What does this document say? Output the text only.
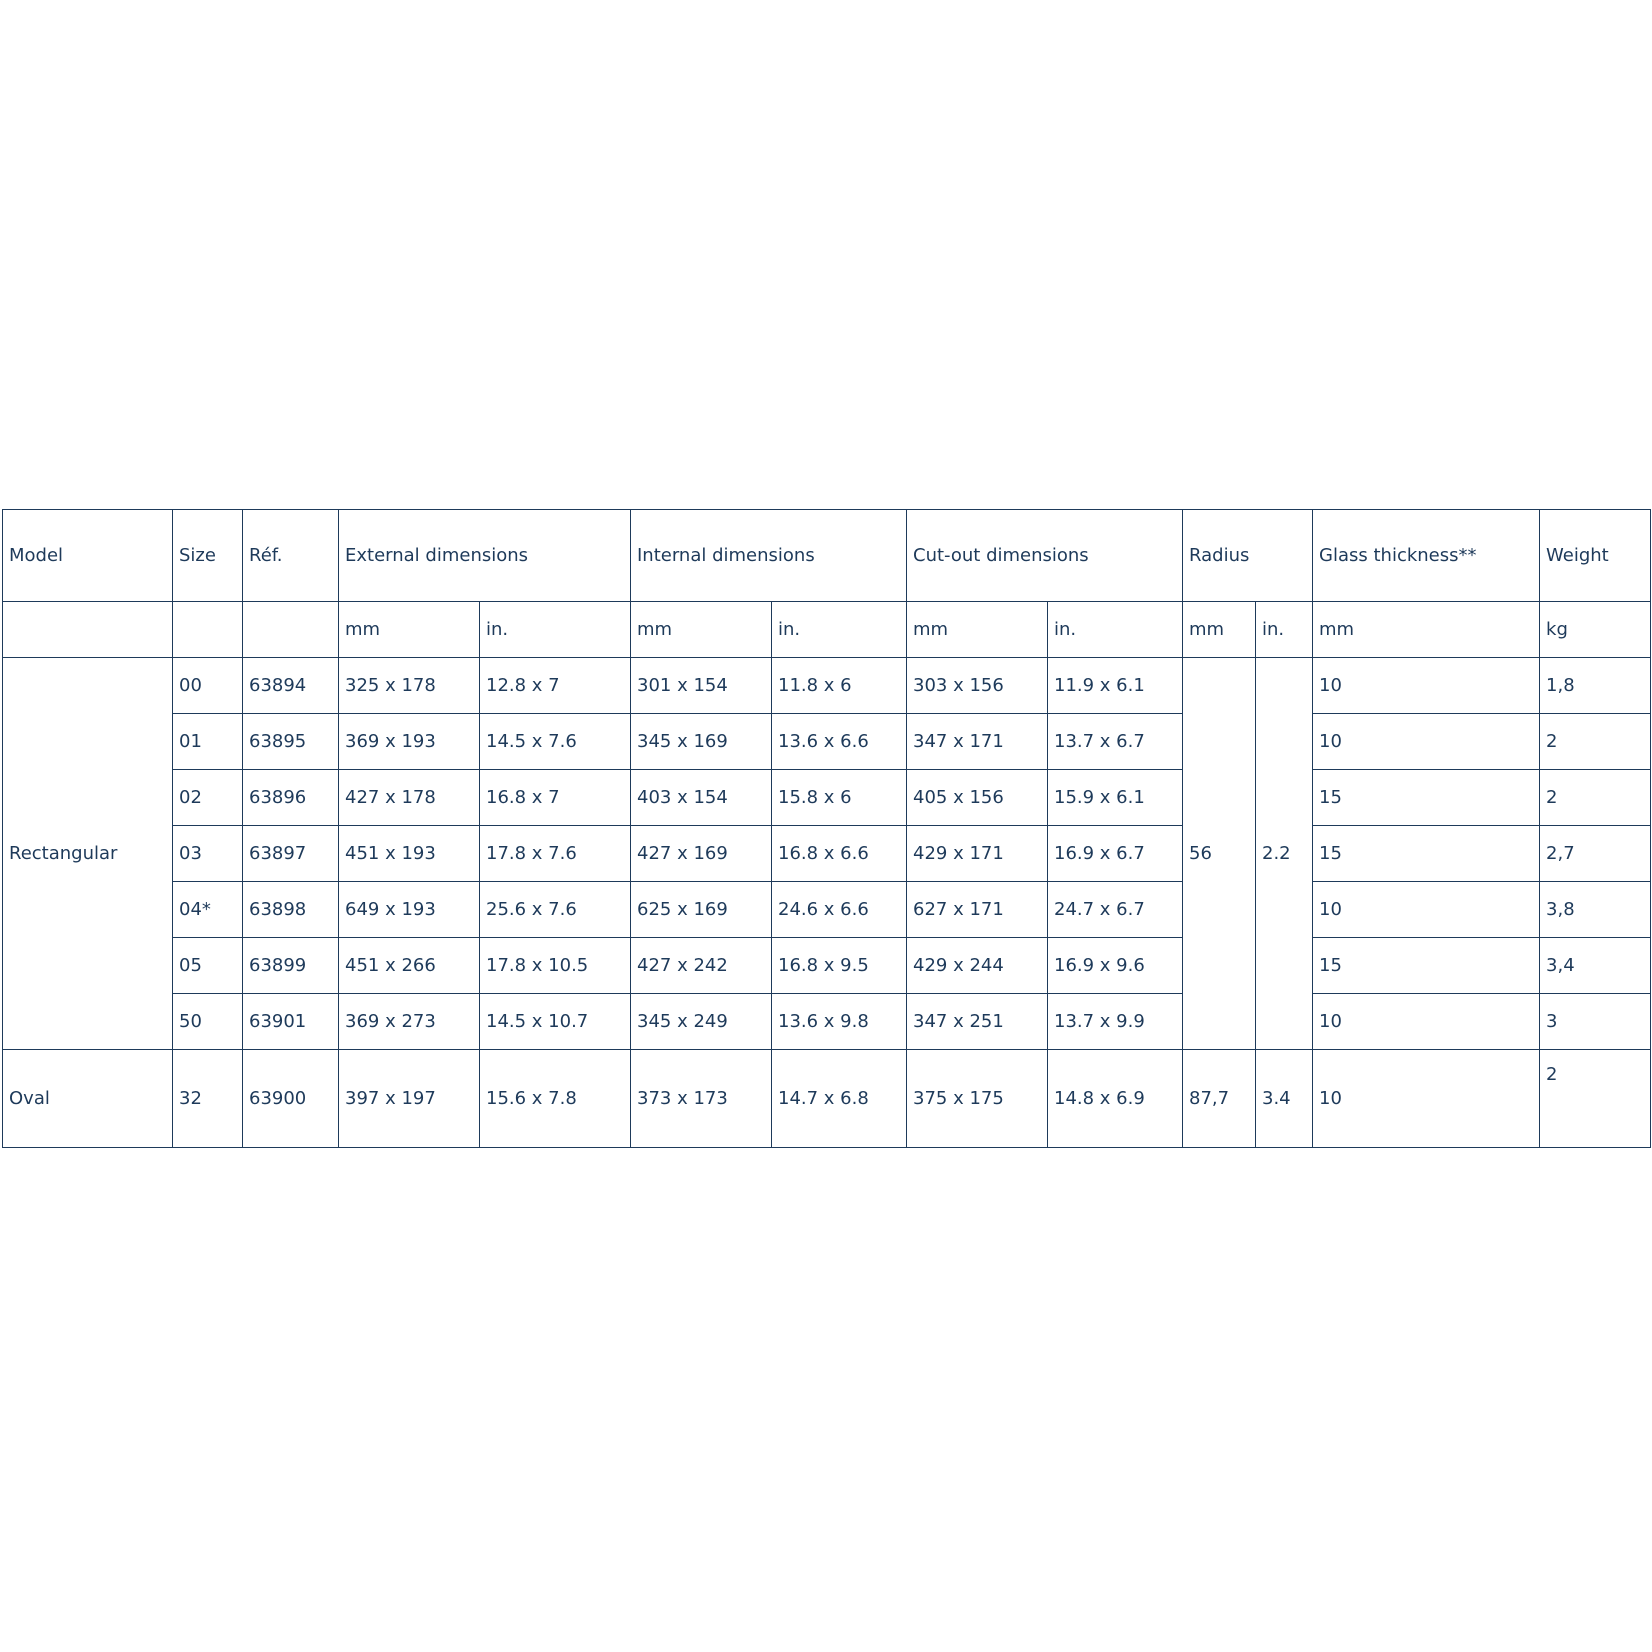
Model	Size	Réf.	External dimensions		Internal dimensions		Cut-out dimensions		Radius		Glass thickness**	Weight
			mm	in.	mm	in.	mm	in.	mm	in.	mm	kg
Rectangular	00	63894	325 x 178	12.8 x 7	301 x 154	11.8 x 6	303 x 156	11.9 x 6.1	56	2.2	10	1,8
	01	63895	369 x 193	14.5 x 7.6	345 x 169	13.6 x 6.6	347 x 171	13.7 x 6.7			10	2
	02	63896	427 x 178	16.8 x 7	403 x 154	15.8 x 6	405 x 156	15.9 x 6.1			15	2
	03	63897	451 x 193	17.8 x 7.6	427 x 169	16.8 x 6.6	429 x 171	16.9 x 6.7			15	2,7
	04*	63898	649 x 193	25.6 x 7.6	625 x 169	24.6 x 6.6	627 x 171	24.7 x 6.7			10	3,8
	05	63899	451 x 266	17.8 x 10.5	427 x 242	16.8 x 9.5	429 x 244	16.9 x 9.6			15	3,4
	50	63901	369 x 273	14.5 x 10.7	345 x 249	13.6 x 9.8	347 x 251	13.7 x 9.9			10	3
Oval	32	63900	397 x 197	15.6 x 7.8	373 x 173	14.7 x 6.8	375 x 175	14.8 x 6.9	87,7	3.4	10	2
